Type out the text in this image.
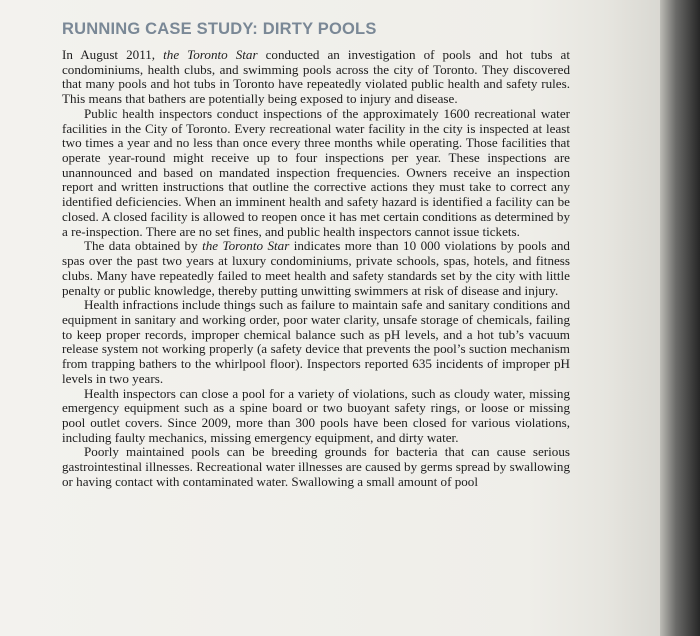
RUNNING CASE STUDY: DIRTY POOLS

In August 2011, the Toronto Star conducted an investigation of pools and hot tubs at condominiums, health clubs, and swimming pools across the city of Toronto. They discovered that many pools and hot tubs in Toronto have repeatedly violated public health and safety rules. This means that bathers are potentially being exposed to injury and disease.

Public health inspectors conduct inspections of the approximately 1600 recreational water facilities in the City of Toronto. Every recreational water facility in the city is inspected at least two times a year and no less than once every three months while operating. Those facilities that operate year-round might receive up to four inspections per year. These inspections are unannounced and based on mandated inspection frequencies. Owners receive an inspection report and written instructions that outline the corrective actions they must take to correct any identified deficiencies. When an imminent health and safety hazard is identified a facility can be closed. A closed facility is allowed to reopen once it has met certain conditions as determined by a re-inspection. There are no set fines, and public health inspectors cannot issue tickets.

The data obtained by the Toronto Star indicates more than 10 000 violations by pools and spas over the past two years at luxury condominiums, private schools, spas, hotels, and fitness clubs. Many have repeatedly failed to meet health and safety standards set by the city with little penalty or public knowledge, thereby putting unwitting swimmers at risk of disease and injury.

Health infractions include things such as failure to maintain safe and sanitary conditions and equipment in sanitary and working order, poor water clarity, unsafe storage of chemicals, failing to keep proper records, improper chemical balance such as pH levels, and a hot tub’s vacuum release system not working properly (a safety device that prevents the pool’s suction mechanism from trapping bathers to the whirlpool floor). Inspectors reported 635 incidents of improper pH levels in two years.

Health inspectors can close a pool for a variety of violations, such as cloudy water, missing emergency equipment such as a spine board or two buoyant safety rings, or loose or missing pool outlet covers. Since 2009, more than 300 pools have been closed for various violations, including faulty mechanics, missing emergency equipment, and dirty water.

Poorly maintained pools can be breeding grounds for bacteria that can cause serious gastrointestinal illnesses. Recreational water illnesses are caused by germs spread by swallowing or having contact with contaminated water. Swallowing a small amount of pool
